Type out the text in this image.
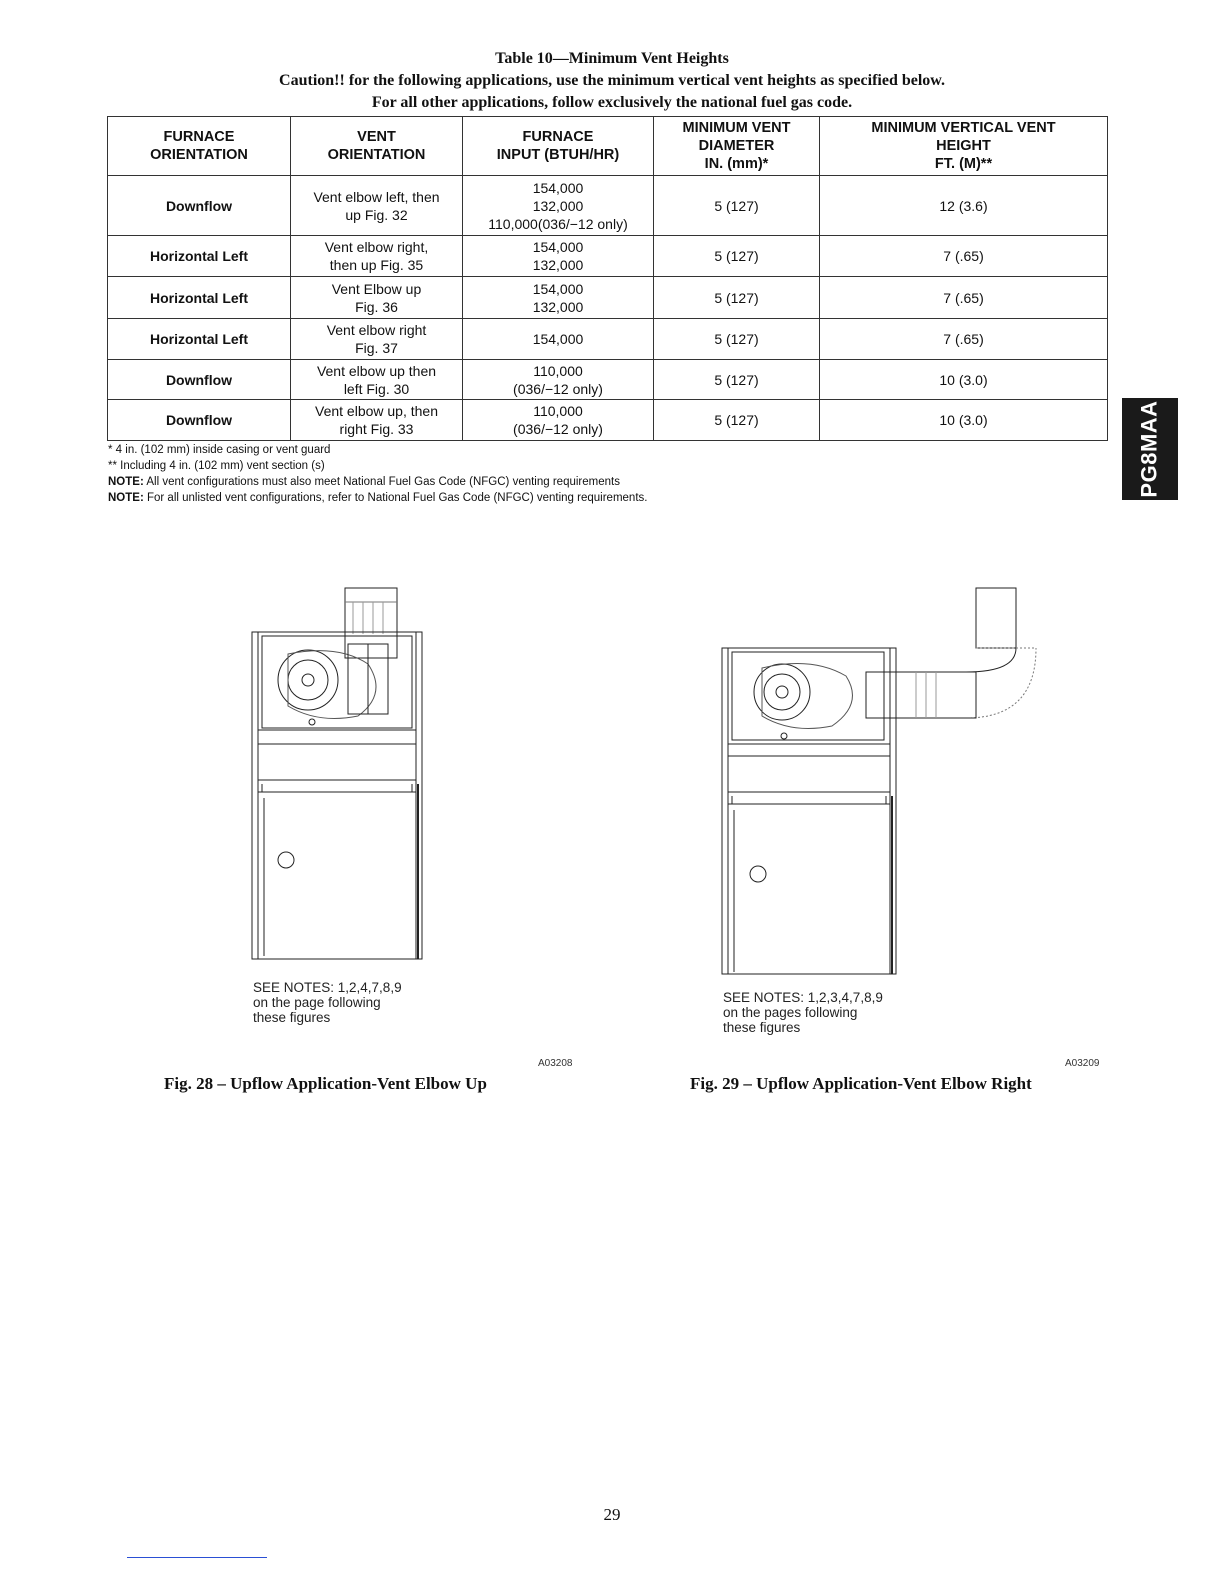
Table 10—Minimum Vent Heights
Caution!! for the following applications, use the minimum vertical vent heights as specified below.
For all other applications, follow exclusively the national fuel gas code.
FURNACE
ORIENTATION	VENT
ORIENTATION	FURNACE
INPUT (BTUH/HR)	MINIMUM VENT
DIAMETER
IN. (mm)*	MINIMUM VERTICAL VENT
HEIGHT
FT. (M)**
Downflow	Vent elbow left, then
up Fig. 32	154,000
132,000
110,000(036/−12 only)	5 (127)	12 (3.6)
Horizontal Left	Vent elbow right,
then up Fig. 35	154,000
132,000	5 (127)	7 (.65)
Horizontal Left	Vent Elbow up
Fig. 36	154,000
132,000	5 (127)	7 (.65)
Horizontal Left	Vent elbow right
Fig. 37	154,000	5 (127)	7 (.65)
Downflow	Vent elbow up then
left Fig. 30	110,000
(036/−12 only)	5 (127)	10 (3.0)
Downflow	Vent elbow up, then
right Fig. 33	110,000
(036/−12 only)	5 (127)	10 (3.0)
* 4 in. (102 mm) inside casing or vent guard
** Including 4 in. (102 mm) vent section (s)
NOTE: All vent configurations must also meet National Fuel Gas Code (NFGC) venting requirements
NOTE: For all unlisted vent configurations, refer to National Fuel Gas Code (NFGC) venting requirements.
PG8MAA
SEE NOTES: 1,2,4,7,8,9
on the page following
these figures
A03208
Fig. 28 – Upflow Application-Vent Elbow Up
SEE NOTES: 1,2,3,4,7,8,9
on the pages following
these figures
A03209
Fig. 29 – Upflow Application-Vent Elbow Right
29
